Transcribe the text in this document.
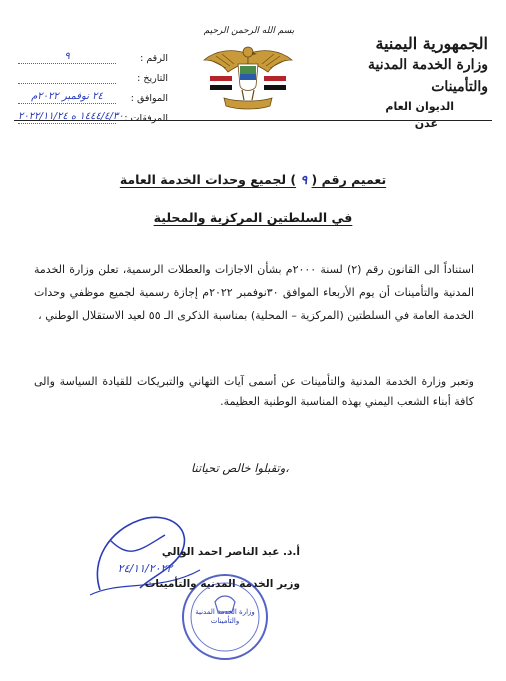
الجمهورية اليمنية
وزارة الخدمة المدنية والتأمينات
الديوان العام
عدن
بسم الله الرحمن الرحيم
الرقم :
٩
التاريخ :
الموافق :
٢٤ نوفمبر ٢٠٢٢م
المرفقات :
١٤٤٤/٤/٣٠ ه ٢٠٢٢/١١/٢٤
تعميم رقم ( ٩ ) لجميع وحدات الخدمة العامة
في السلطتين المركزية والمحلية
استناداً الى القانون رقم (٢) لسنة ٢٠٠٠م بشأن الاجازات والعطلات الرسمية، تعلن وزارة الخدمة المدنية والتأمينات أن يوم الأربعاء الموافق ٣٠نوفمبر ٢٠٢٢م إجازة رسمية لجميع موظفي وحدات الخدمة العامة في السلطتين (المركزية – المحلية) بمناسبة الذكرى الـ ٥٥ لعيد الاستقلال الوطني ،
وتعبر وزارة الخدمة المدنية والتأمينات عن أسمى آيات التهاني والتبريكات للقيادة السياسة والى كافة أبناء الشعب اليمني بهذه المناسبة الوطنية العظيمة.
وتقبلوا خالص تحياتنا،
أ.د. عبد الناصر احمد الوالي
٢٤/١١/٢٠٢٢
وزير الخدمة المدنية والتأمينات
وزارة الخدمة المدنية والتأمينات
